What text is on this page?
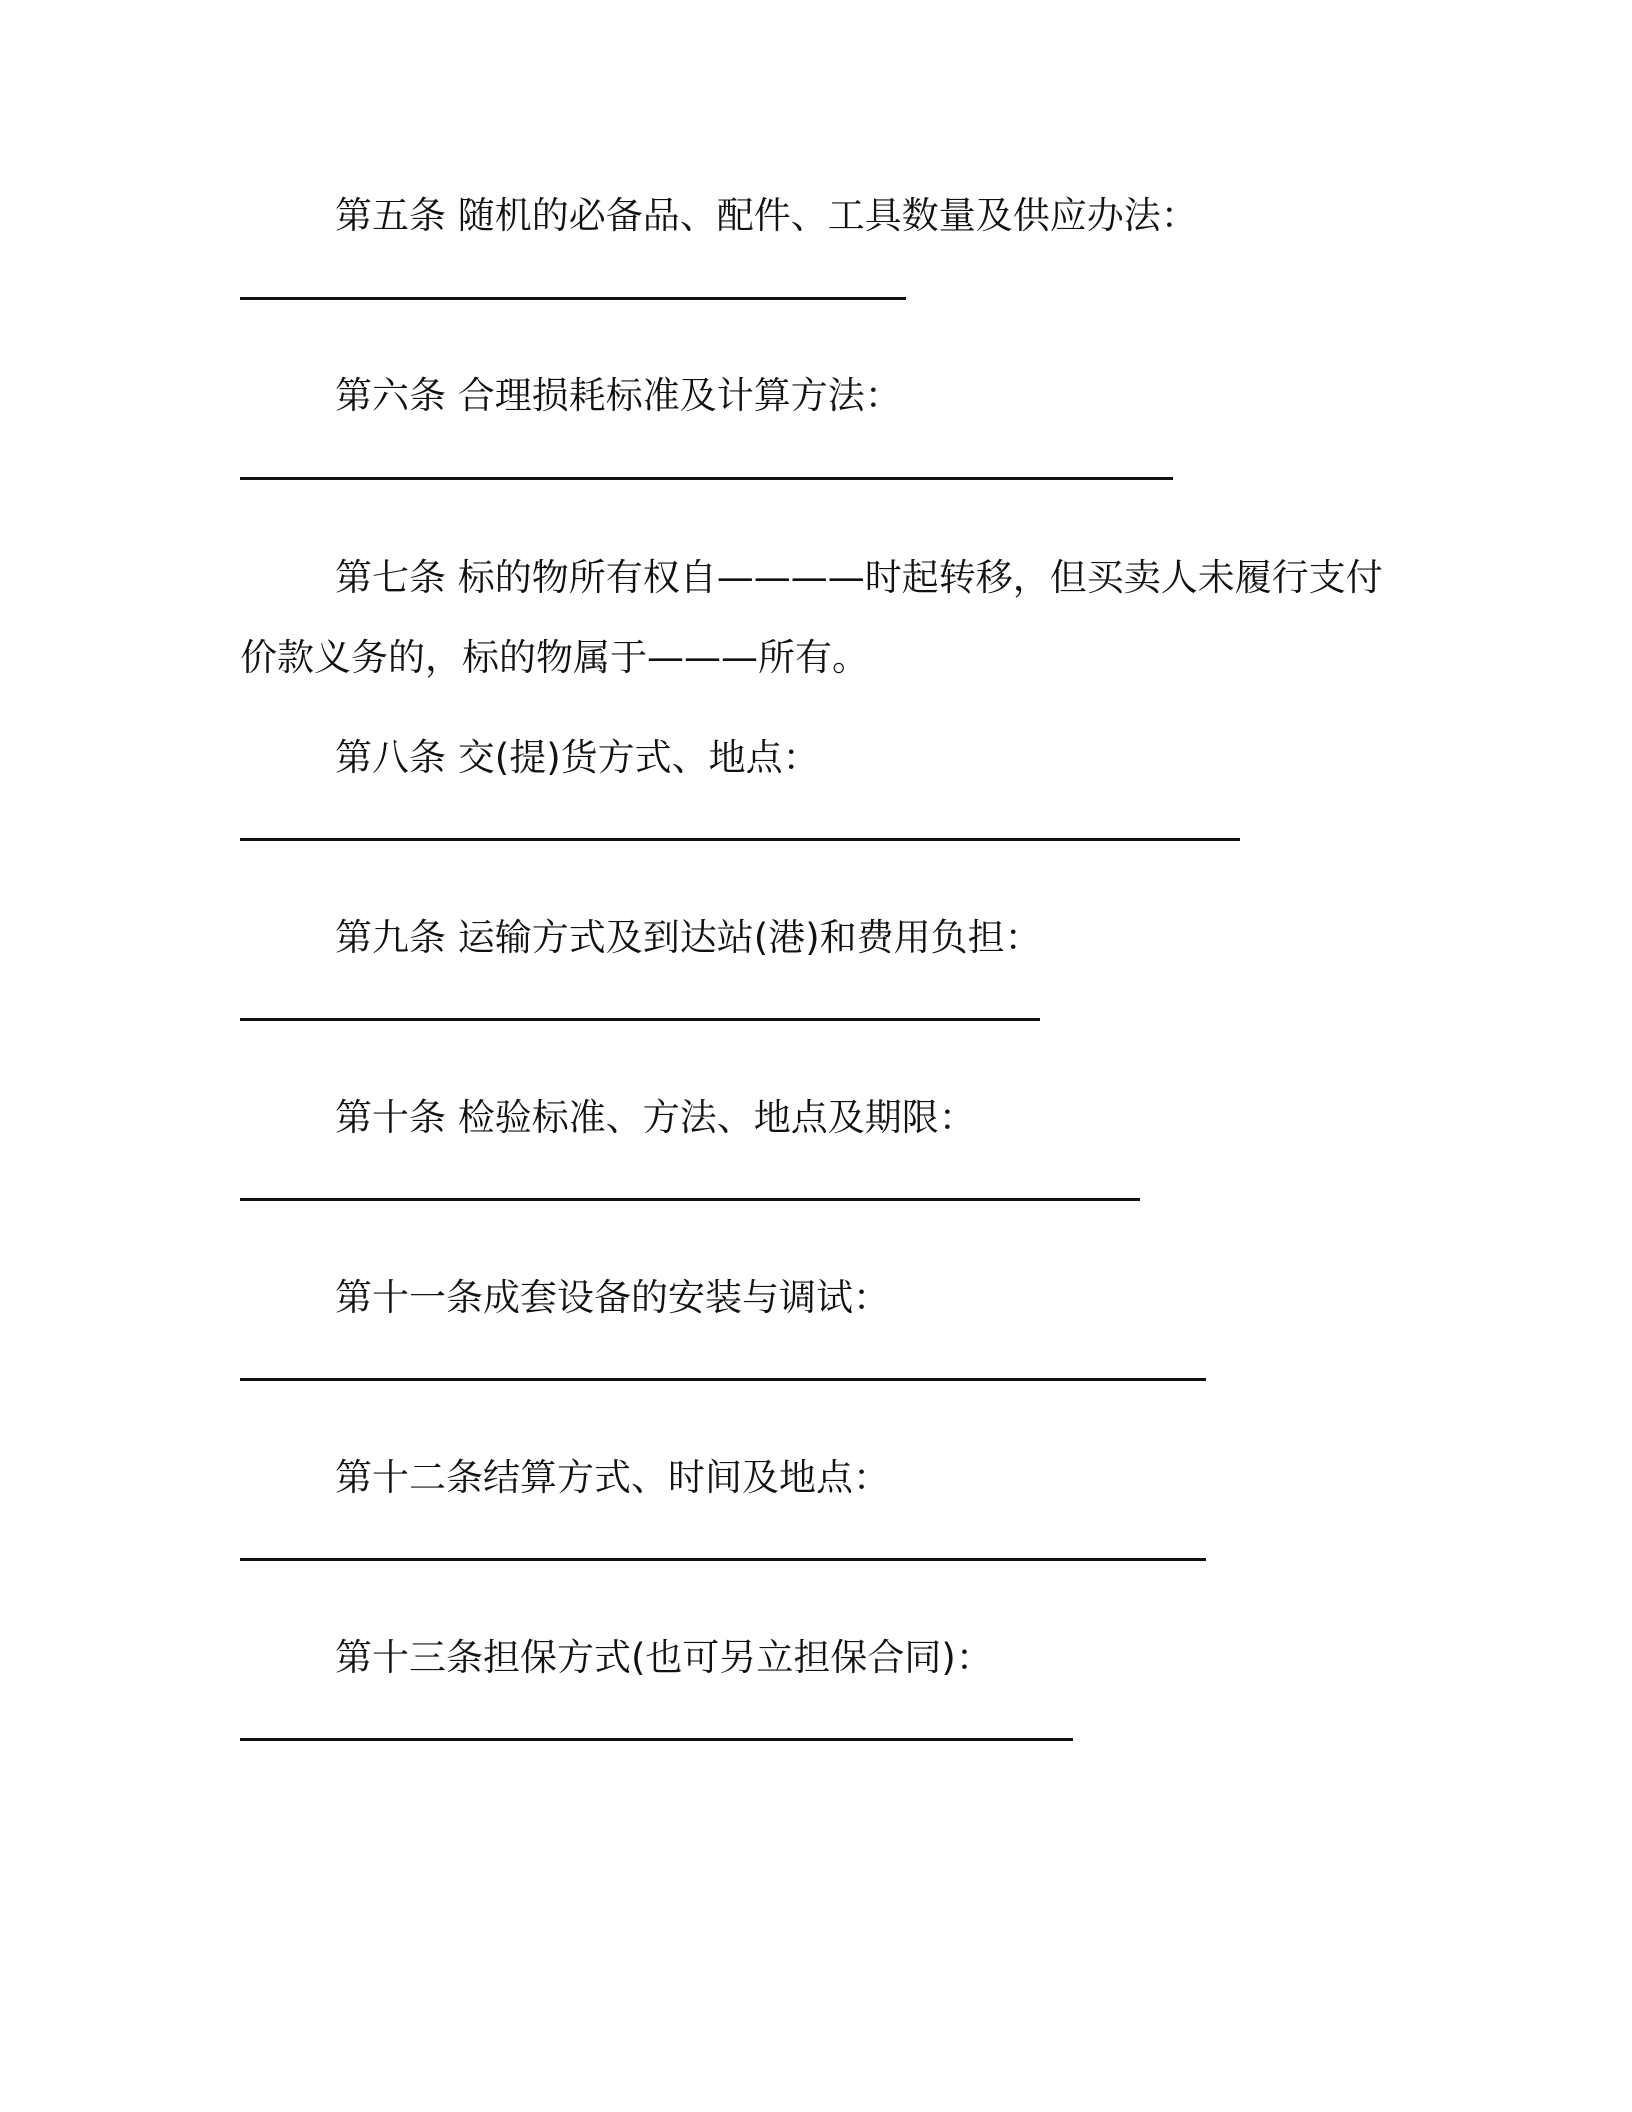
第五条 随机的必备品、配件、工具数量及供应办法：
第六条 合理损耗标准及计算方法：
第七条 标的物所有权自————时起转移，但买卖人未履行支付价款义务的，标的物属于———所有。
第八条 交(提)货方式、地点：
第九条 运输方式及到达站(港)和费用负担：
第十条 检验标准、方法、地点及期限：
第十一条成套设备的安装与调试：
第十二条结算方式、时间及地点：
第十三条担保方式(也可另立担保合同)：
